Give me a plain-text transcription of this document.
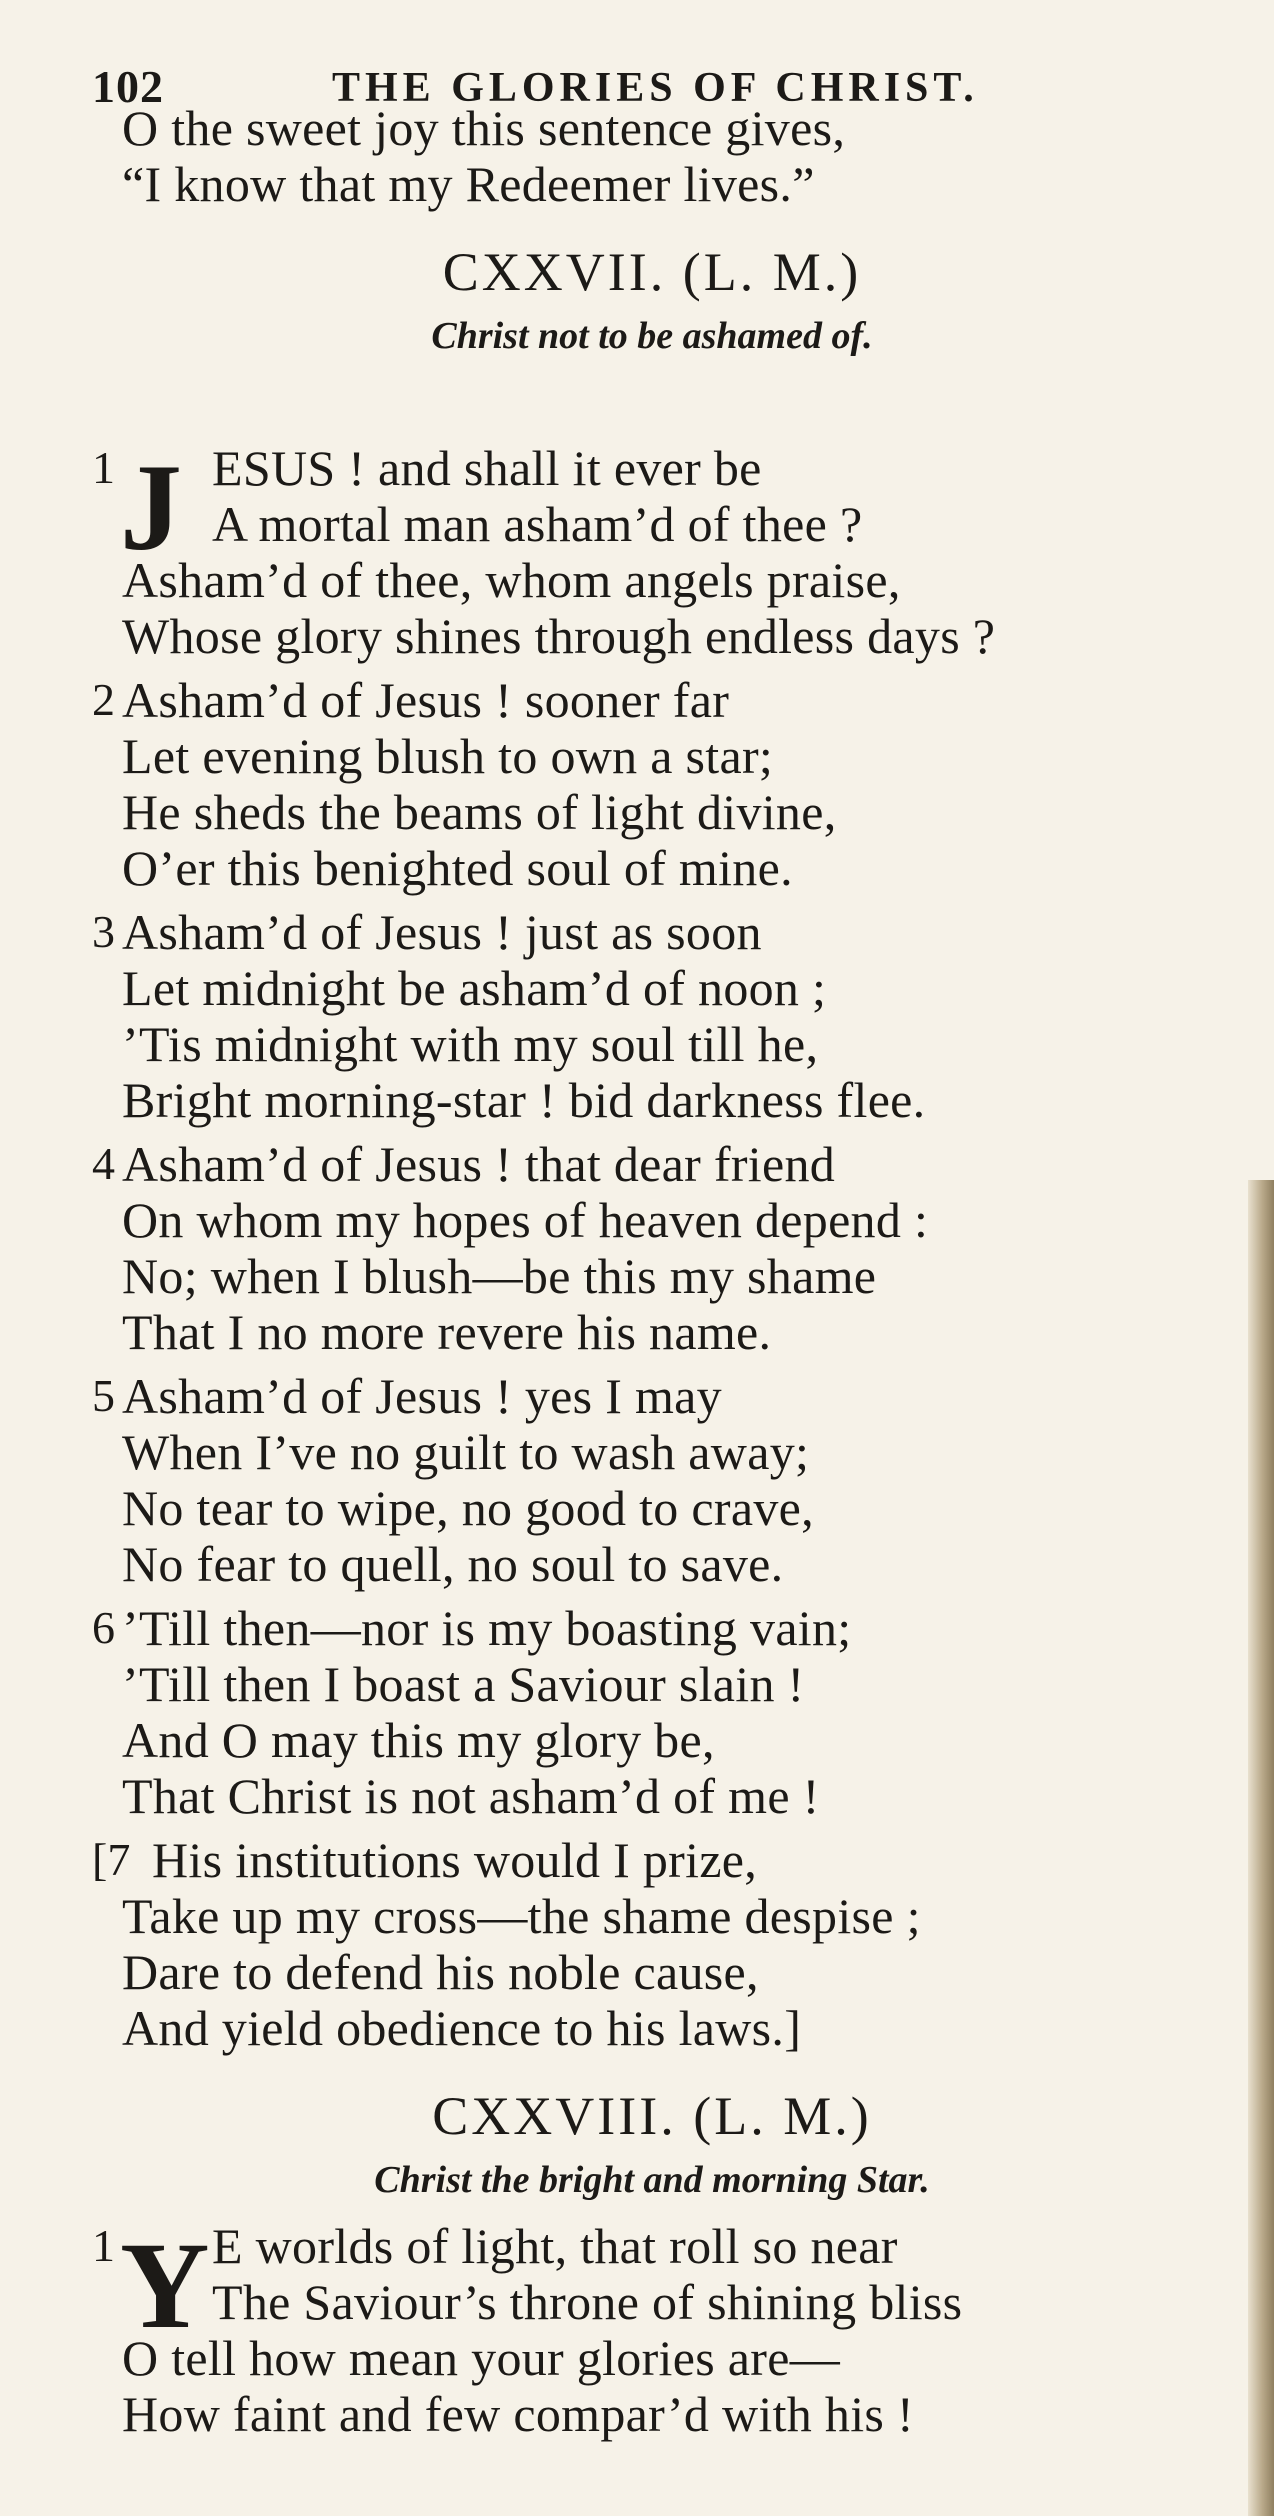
102	THE GLORIES OF CHRIST.
O the sweet joy this sentence gives,
“I know that my Redeemer lives.”
CXXVII. (L. M.)
Christ not to be ashamed of.
1 J ESUS ! and shall it ever be
A mortal man asham’d of thee ?
Asham’d of thee, whom angels praise,
Whose glory shines through endless days ?
2 Asham’d of Jesus ! sooner far
Let evening blush to own a star;
He sheds the beams of light divine,
O’er this benighted soul of mine.
3 Asham’d of Jesus ! just as soon
Let midnight be asham’d of noon ;
’Tis midnight with my soul till he,
Bright morning-star ! bid darkness flee.
4 Asham’d of Jesus ! that dear friend
On whom my hopes of heaven depend :
No; when I blush—be this my shame
That I no more revere his name.
5 Asham’d of Jesus ! yes I may
When I’ve no guilt to wash away;
No tear to wipe, no good to crave,
No fear to quell, no soul to save.
6 ’Till then—nor is my boasting vain;
’Till then I boast a Saviour slain !
And O may this my glory be,
That Christ is not asham’d of me !
[7 His institutions would I prize,
Take up my cross—the shame despise ;
Dare to defend his noble cause,
And yield obedience to his laws.]
CXXVIII. (L. M.)
Christ the bright and morning Star.
1 Y E worlds of light, that roll so near
The Saviour’s throne of shining bliss
O tell how mean your glories are—
How faint and few compar’d with his !
